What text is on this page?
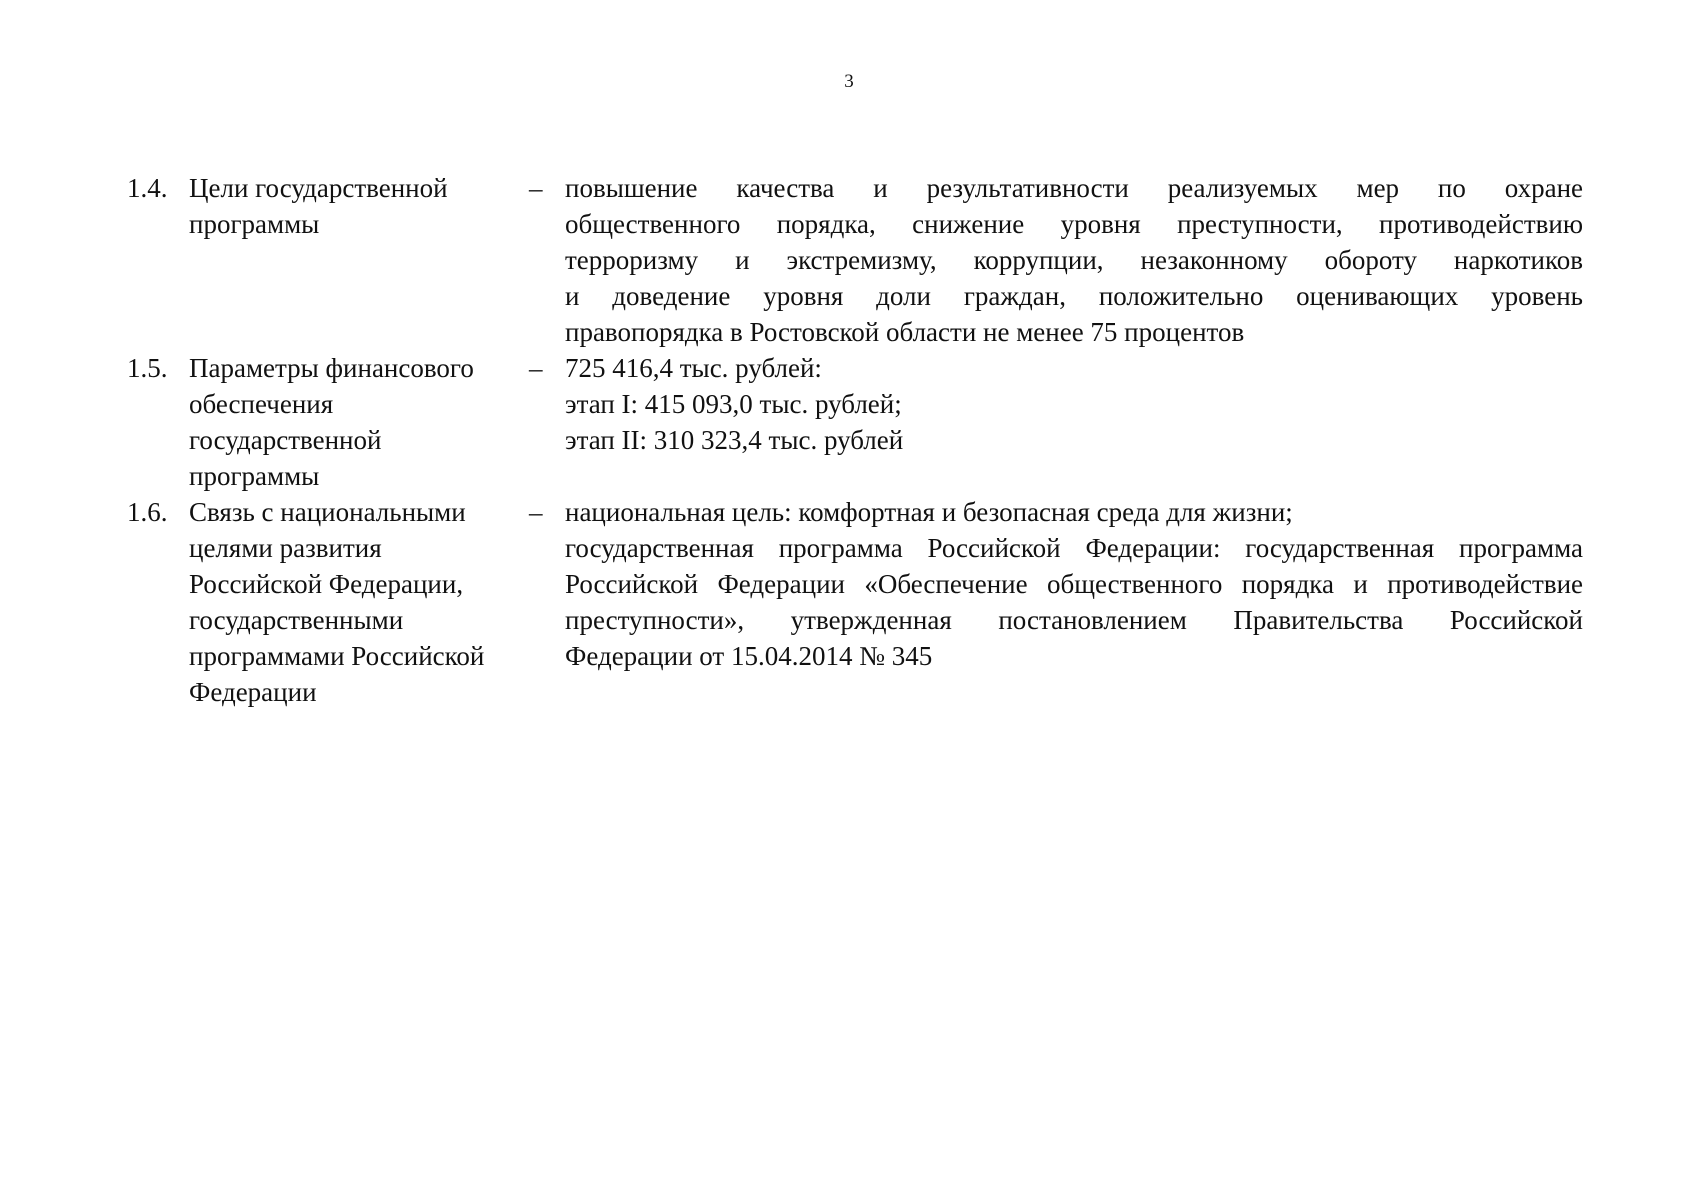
3
1.4. Цели государственной
программы
– повышение качества и результативности реализуемых мер по охране
общественного порядка, снижение уровня преступности, противодействию
терроризму и экстремизму, коррупции, незаконному обороту наркотиков
и доведение уровня доли граждан, положительно оценивающих уровень
правопорядка в Ростовской области не менее 75 процентов
1.5. Параметры финансового
обеспечения
государственной
программы
– 725 416,4 тыс. рублей:
этап I: 415 093,0 тыс. рублей;
этап II: 310 323,4 тыс. рублей
1.6. Связь с национальными
целями развития
Российской Федерации,
государственными
программами Российской
Федерации
– национальная цель: комфортная и безопасная среда для жизни;
государственная программа Российской Федерации: государственная программа
Российской Федерации «Обеспечение общественного порядка и противодействие
преступности», утвержденная постановлением Правительства Российской
Федерации от 15.04.2014 № 345
